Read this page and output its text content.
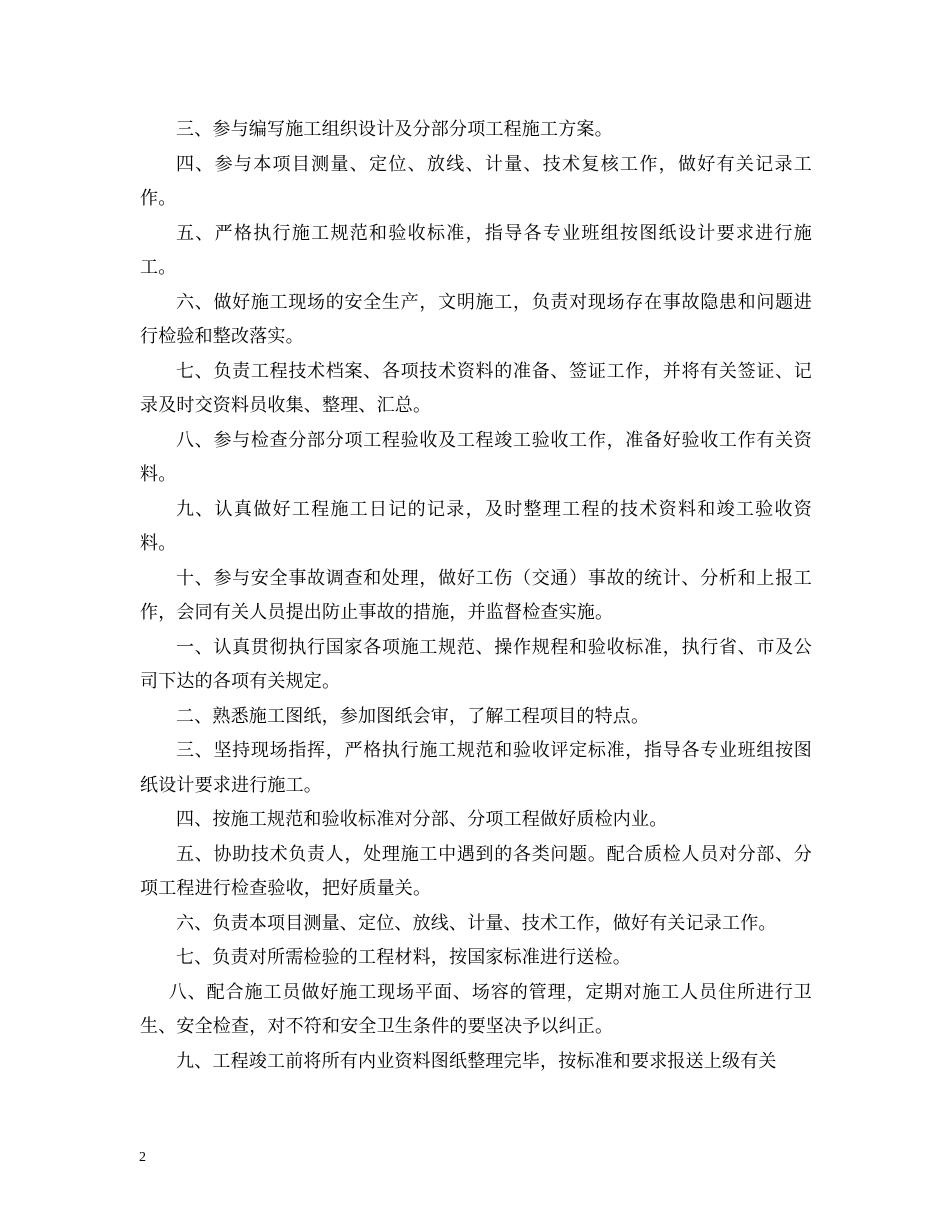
三、参与编写施工组织设计及分部分项工程施工方案。

四、参与本项目测量、定位、放线、计量、技术复核工作，做好有关记录工作。

五、严格执行施工规范和验收标准，指导各专业班组按图纸设计要求进行施工。

六、做好施工现场的安全生产，文明施工，负责对现场存在事故隐患和问题进行检验和整改落实。

七、负责工程技术档案、各项技术资料的准备、签证工作，并将有关签证、记录及时交资料员收集、整理、汇总。

八、参与检查分部分项工程验收及工程竣工验收工作，准备好验收工作有关资料。

九、认真做好工程施工日记的记录，及时整理工程的技术资料和竣工验收资料。

十、参与安全事故调查和处理，做好工伤（交通）事故的统计、分析和上报工作，会同有关人员提出防止事故的措施，并监督检查实施。

一、认真贯彻执行国家各项施工规范、操作规程和验收标准，执行省、市及公司下达的各项有关规定。

二、熟悉施工图纸，参加图纸会审，了解工程项目的特点。

三、坚持现场指挥，严格执行施工规范和验收评定标准，指导各专业班组按图纸设计要求进行施工。

四、按施工规范和验收标准对分部、分项工程做好质检内业。

五、协助技术负责人，处理施工中遇到的各类问题。配合质检人员对分部、分项工程进行检查验收，把好质量关。

六、负责本项目测量、定位、放线、计量、技术工作，做好有关记录工作。

七、负责对所需检验的工程材料，按国家标准进行送检。

八、配合施工员做好施工现场平面、场容的管理，定期对施工人员住所进行卫生、安全检查，对不符和安全卫生条件的要坚决予以纠正。

九、工程竣工前将所有内业资料图纸整理完毕，按标准和要求报送上级有关

2
